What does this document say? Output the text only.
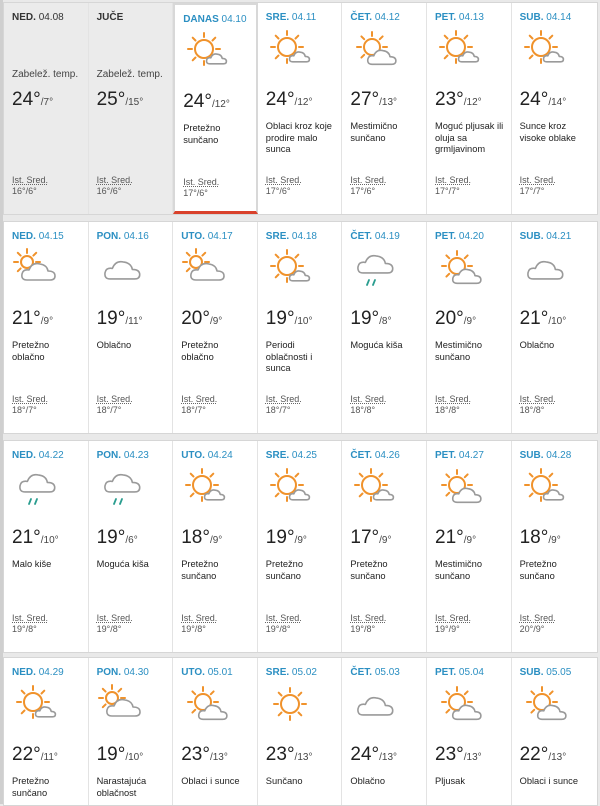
NED. 04.08
Zabelež. temp.
24°/7°
Ist. Sred.
16°/6°
JUČE
Zabelež. temp.
25°/15°
Ist. Sred.
16°/6°
DANAS 04.10
24°/12°
Pretežno sunčano
Ist. Sred.
17°/6°
SRE. 04.11
24°/12°
Oblaci kroz koje prodire malo sunca
Ist. Sred.
17°/6°
ČET. 04.12
27°/13°
Mestimično sunčano
Ist. Sred.
17°/6°
PET. 04.13
23°/12°
Moguć pljusak ili oluja sa grmljavinom
Ist. Sred.
17°/7°
SUB. 04.14
24°/14°
Sunce kroz visoke oblake
Ist. Sred.
17°/7°
NED. 04.15
21°/9°
Pretežno oblačno
Ist. Sred.
18°/7°
PON. 04.16
19°/11°
Oblačno
Ist. Sred.
18°/7°
UTO. 04.17
20°/9°
Pretežno oblačno
Ist. Sred.
18°/7°
SRE. 04.18
19°/10°
Periodi oblačnosti i sunca
Ist. Sred.
18°/7°
ČET. 04.19
19°/8°
Moguća kiša
Ist. Sred.
18°/8°
PET. 04.20
20°/9°
Mestimično sunčano
Ist. Sred.
18°/8°
SUB. 04.21
21°/10°
Oblačno
Ist. Sred.
18°/8°
NED. 04.22
21°/10°
Malo kiše
Ist. Sred.
19°/8°
PON. 04.23
19°/6°
Moguća kiša
Ist. Sred.
19°/8°
UTO. 04.24
18°/9°
Pretežno sunčano
Ist. Sred.
19°/8°
SRE. 04.25
19°/9°
Pretežno sunčano
Ist. Sred.
19°/8°
ČET. 04.26
17°/9°
Pretežno sunčano
Ist. Sred.
19°/8°
PET. 04.27
21°/9°
Mestimično sunčano
Ist. Sred.
19°/9°
SUB. 04.28
18°/9°
Pretežno sunčano
Ist. Sred.
20°/9°
NED. 04.29
22°/11°
Pretežno sunčano
PON. 04.30
19°/10°
Narastajuća oblačnost
UTO. 05.01
23°/13°
Oblaci i sunce
SRE. 05.02
23°/13°
Sunčano
ČET. 05.03
24°/13°
Oblačno
PET. 05.04
23°/13°
Pljusak
SUB. 05.05
22°/13°
Oblaci i sunce
